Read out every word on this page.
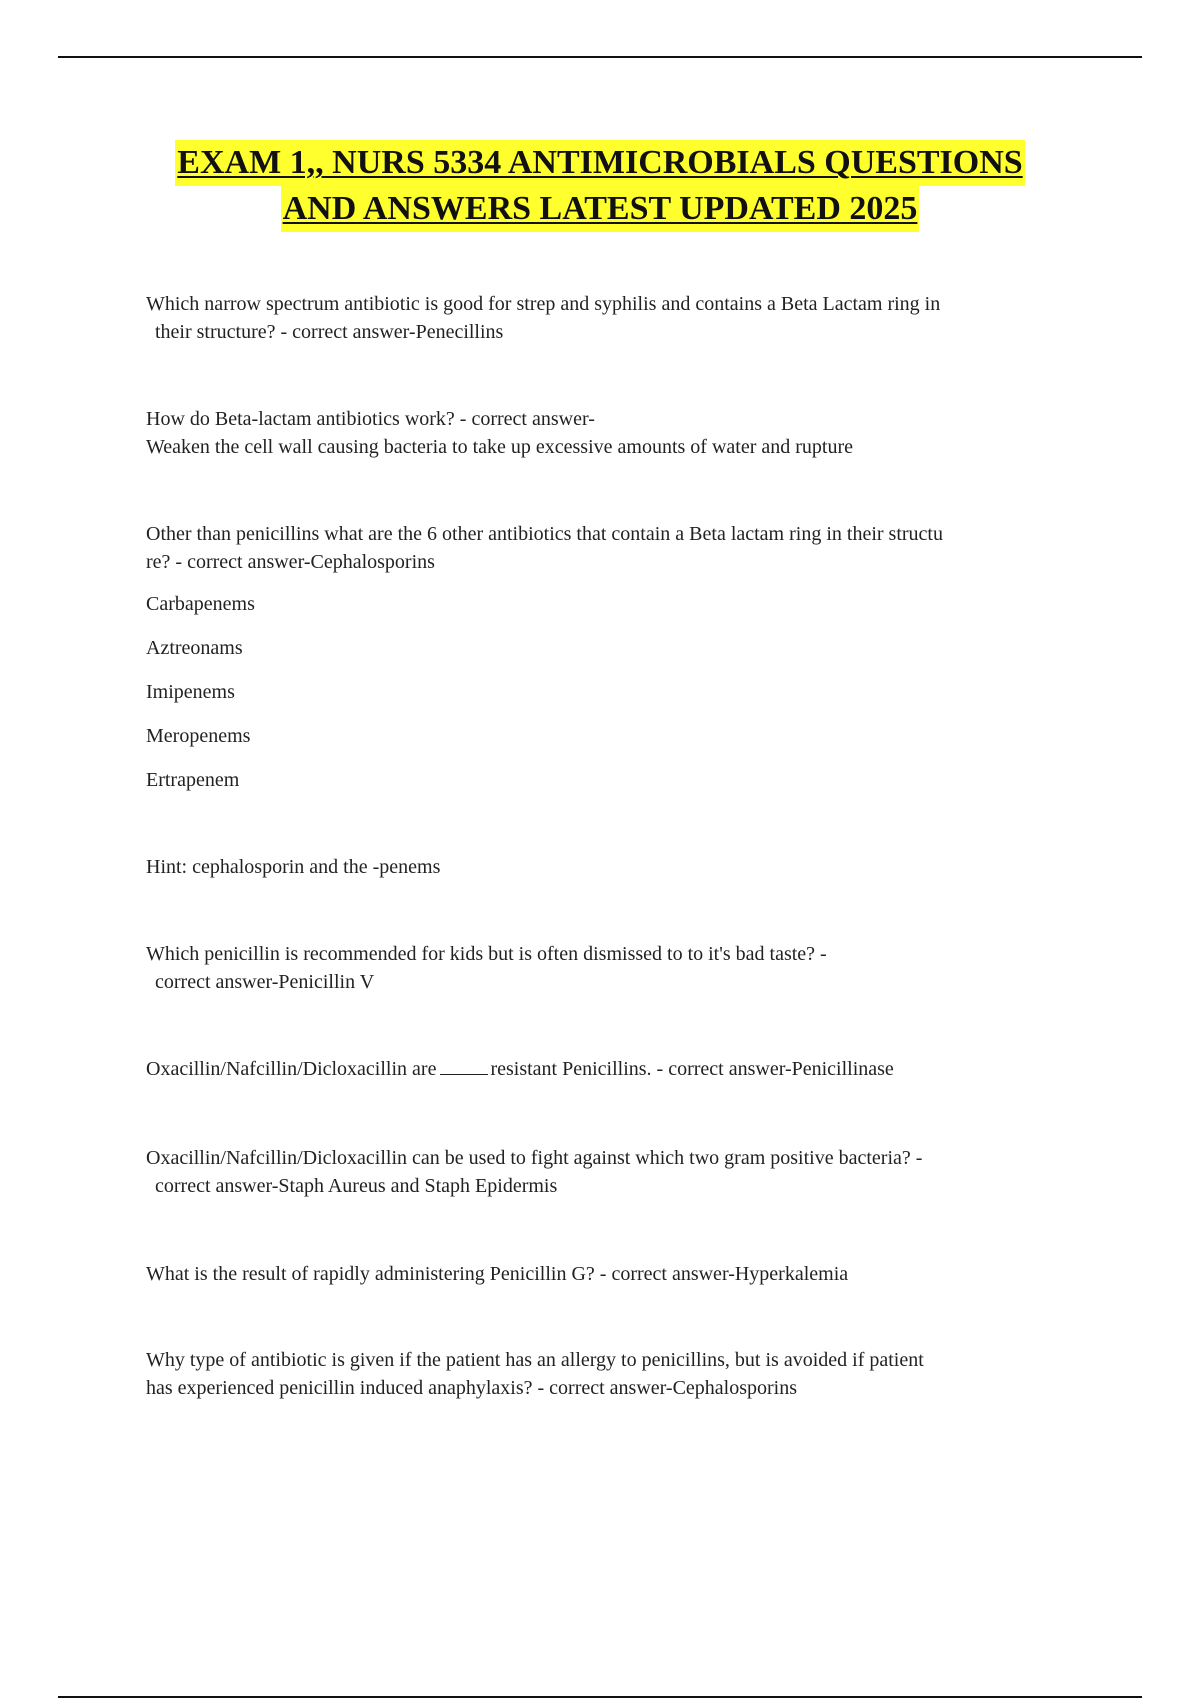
EXAM 1,, NURS 5334 ANTIMICROBIALS QUESTIONS
AND ANSWERS LATEST UPDATED 2025
Which narrow spectrum antibiotic is good for strep and syphilis and contains a Beta Lactam ring in
their structure? - correct answer-Penecillins
How do Beta-lactam antibiotics work? - correct answer-
Weaken the cell wall causing bacteria to take up excessive amounts of water and rupture
Other than penicillins what are the 6 other antibiotics that contain a Beta lactam ring in their structu
re? - correct answer-Cephalosporins

Carbapenems

Aztreonams

Imipenems

Meropenems

Ertrapenem

Hint: cephalosporin and the -penems

Which penicillin is recommended for kids but is often dismissed to to it's bad taste? -
correct answer-Penicillin V

Oxacillin/Nafcillin/Dicloxacillin are	resistant Penicillins. - correct answer-Penicillinase

Oxacillin/Nafcillin/Dicloxacillin can be used to fight against which two gram positive bacteria? -
correct answer-Staph Aureus and Staph Epidermis

What is the result of rapidly administering Penicillin G? - correct answer-Hyperkalemia

Why type of antibiotic is given if the patient has an allergy to penicillins, but is avoided if patient
has experienced penicillin induced anaphylaxis? - correct answer-Cephalosporins
